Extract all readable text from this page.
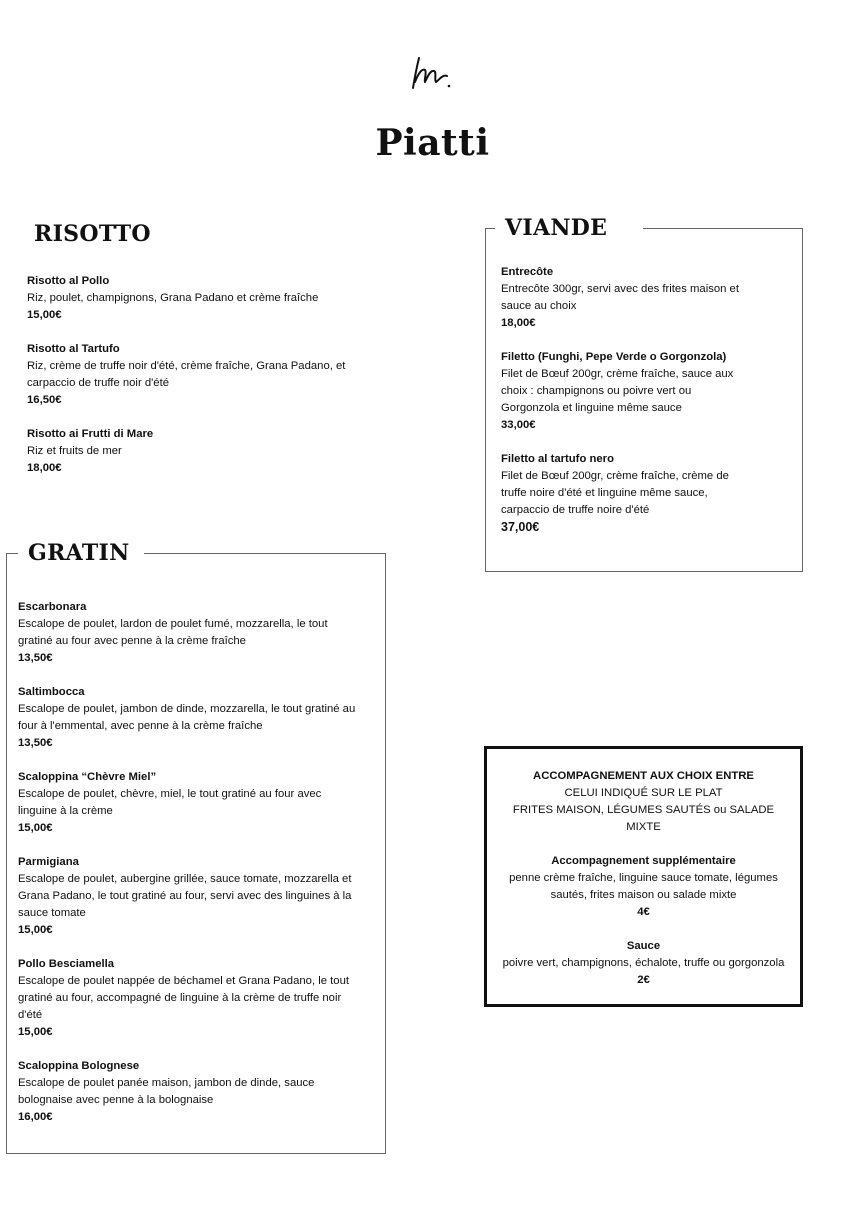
Piatti
RISOTTO
Risotto al Pollo
Riz, poulet, champignons, Grana Padano et crème fraîche
15,00€
Risotto al Tartufo
Riz, crème de truffe noir d'été, crème fraîche, Grana Padano, et
carpaccio de truffe noir d'été
16,50€
Risotto ai Frutti di Mare
Riz et fruits de mer
18,00€
VIANDE
Entrecôte
Entrecôte 300gr, servi avec des frites maison et
sauce au choix
18,00€
Filetto (Funghi, Pepe Verde o Gorgonzola)
Filet de Bœuf 200gr, crème fraîche, sauce aux
choix : champignons ou poivre vert ou
Gorgonzola et linguine même sauce
33,00€
Filetto al tartufo nero
Filet de Bœuf 200gr, crème fraîche, crème de
truffe noire d'été et linguine même sauce,
carpaccio de truffe noire d'été
37,00€
GRATIN
Escarbonara
Escalope de poulet, lardon de poulet fumé, mozzarella, le tout
gratiné au four avec penne à la crème fraîche
13,50€
Saltimbocca
Escalope de poulet, jambon de dinde, mozzarella, le tout gratiné au
four à l'emmental, avec penne à la crème fraîche
13,50€
Scaloppina “Chèvre Miel”
Escalope de poulet, chèvre, miel, le tout gratiné au four avec
linguine à la crème
15,00€
Parmigiana
Escalope de poulet, aubergine grillée, sauce tomate, mozzarella et
Grana Padano, le tout gratiné au four, servi avec des linguines à la
sauce tomate
15,00€
Pollo Besciamella
Escalope de poulet nappée de béchamel et Grana Padano, le tout
gratiné au four, accompagné de linguine à la crème de truffe noir
d'été
15,00€
Scaloppina Bolognese
Escalope de poulet panée maison, jambon de dinde, sauce
bolognaise avec penne à la bolognaise
16,00€
ACCOMPAGNEMENT AUX CHOIX ENTRE
CELUI INDIQUÉ SUR LE PLAT
FRITES MAISON, LÉGUMES SAUTÉS ou SALADE
MIXTE
Accompagnement supplémentaire
penne crème fraîche, linguine sauce tomate, légumes
sautés, frites maison ou salade mixte
4€
Sauce
poivre vert, champignons, échalote, truffe ou gorgonzola
2€
